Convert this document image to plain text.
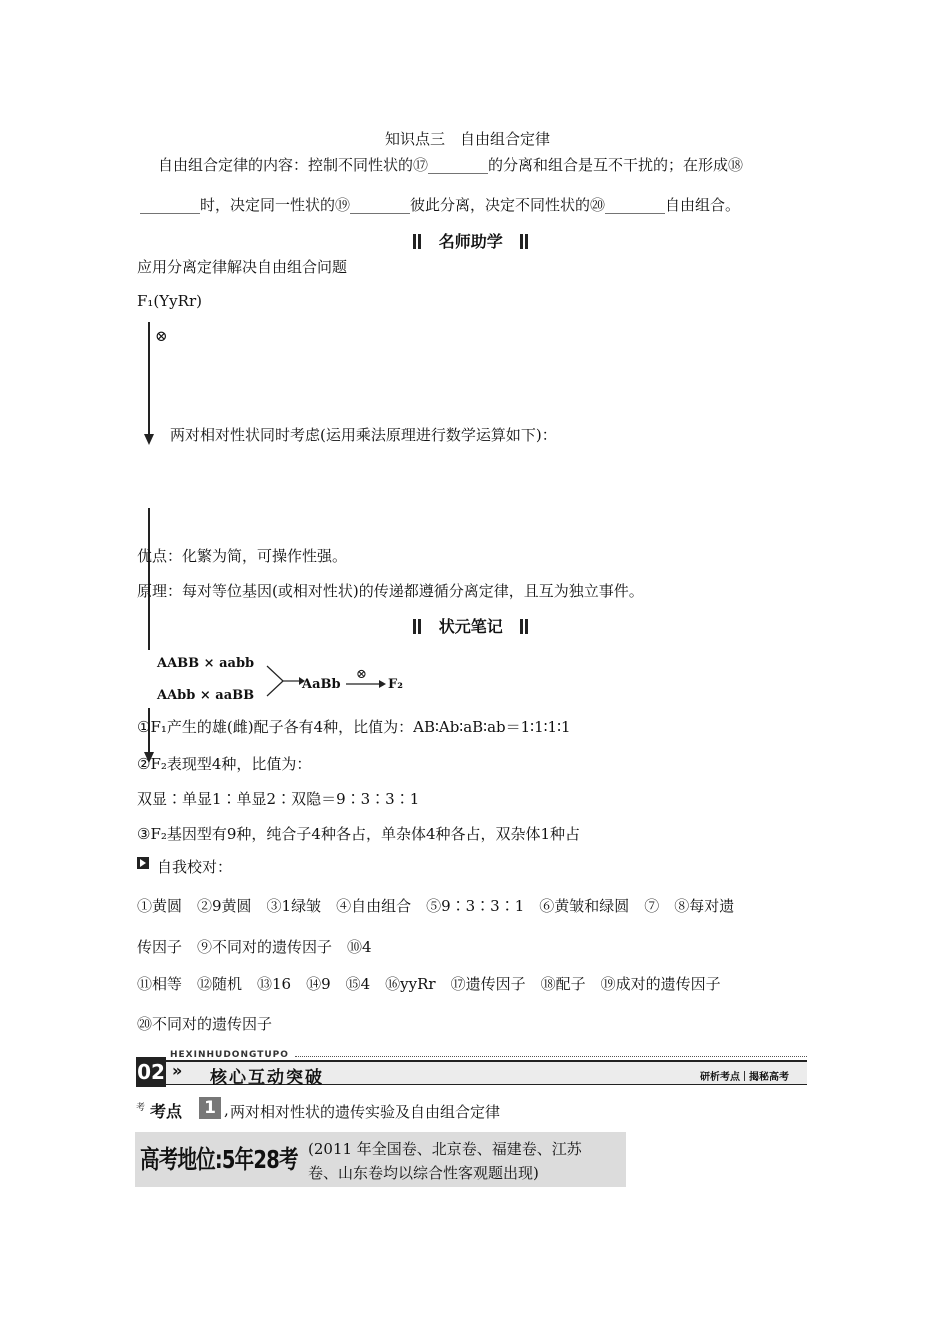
知识点三　自由组合定律
自由组合定律的内容：控制不同性状的⑰________的分离和组合是互不干扰的；在形成⑱
________时，决定同一性状的⑲________彼此分离，决定不同性状的⑳________自由组合。
名师助学
应用分离定律解决自由组合问题
F₁(YyRr)
⊗
两对相对性状同时考虑(运用乘法原理进行数学运算如下)：
优点：化繁为简，可操作性强。
原理：每对等位基因(或相对性状)的传递都遵循分离定律，且互为独立事件。
状元笔记
AABB × aabb
AAbb × aaBB
AaBb
⊗
F₂
①F₁产生的雄(雌)配子各有4种，比值为：AB∶Ab∶aB∶ab＝1∶1∶1∶1
②F₂表现型4种，比值为：
双显∶单显1∶单显2∶双隐＝9∶3∶3∶1
③F₂基因型有9种，纯合子4种各占，单杂体4种各占，双杂体1种占
自我校对：
①黄圆　②9黄圆　③1绿皱　④自由组合　⑤9∶3∶3∶1　⑥黄皱和绿圆　⑦　⑧每对遗
传因子　⑨不同对的遗传因子　⑩4
⑪相等　⑫随机　⑬16　⑭9　⑮4　⑯yyRr　⑰遗传因子　⑱配子　⑲成对的遗传因子
⑳不同对的遗传因子
HEXINHUDONGTUPO
02 » 核心互动突破	研析考点 揭秘高考
考 考点 1 , 两对相对性状的遗传实验及自由组合定律
高考地位:5年28考 (2011 年全国卷、北京卷、福建卷、江苏
卷、山东卷均以综合性客观题出现)
